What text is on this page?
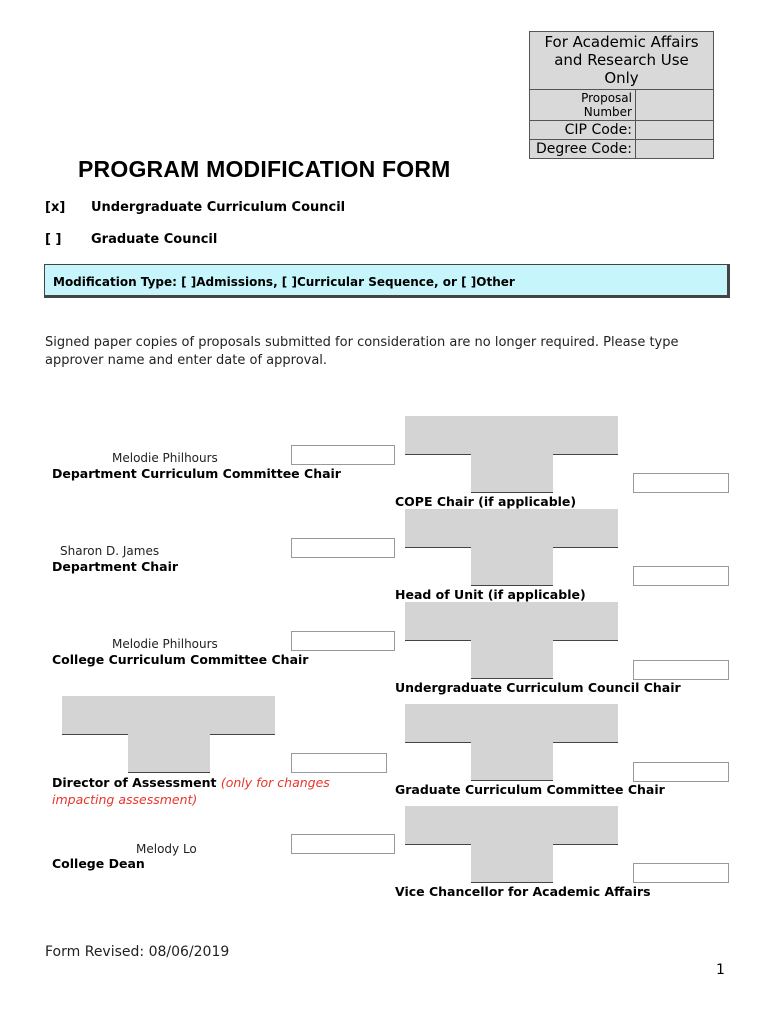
For Academic Affairs and Research Use Only
Proposal Number
CIP Code:
Degree Code:
PROGRAM MODIFICATION FORM
[x] Undergraduate Curriculum Council
[ ] Graduate Council
Modification Type: [ ]Admissions, [ ]Curricular Sequence, or [ ]Other
Signed paper copies of proposals submitted for consideration are no longer required. Please type approver name and enter date of approval.
Melodie Philhours
Department Curriculum Committee Chair
Sharon D. James
Department Chair
Melodie Philhours
College Curriculum Committee Chair
Director of Assessment (only for changes impacting assessment)
Melody Lo
College Dean
COPE Chair (if applicable)
Head of Unit (if applicable)
Undergraduate Curriculum Council Chair
Graduate Curriculum Committee Chair
Vice Chancellor for Academic Affairs
Form Revised: 08/06/2019
1
